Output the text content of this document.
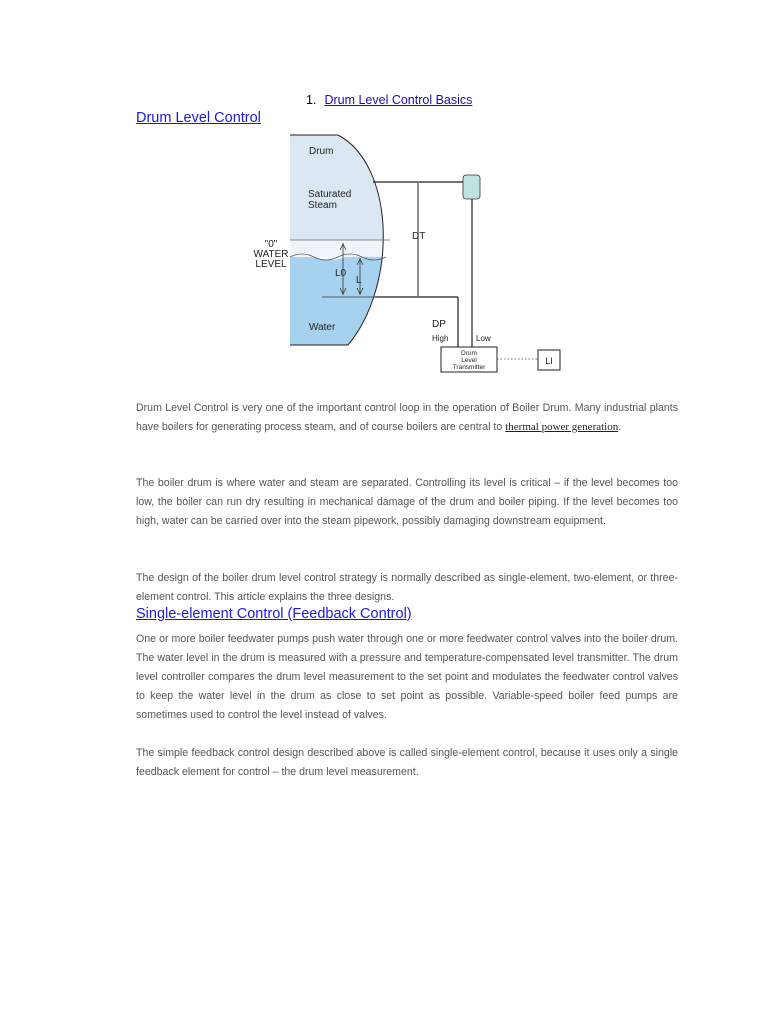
1. Drum Level Control Basics
Drum Level Control
Drum
Saturated
Steam
"0"
WATER
LEVEL
L0
L
Water
DT
DP
High	Low
Drum
Level
Transmitter
LI

Drum Level Control is very one of the important control loop in the operation of Boiler Drum. Many industrial plants have boilers for generating process steam, and of course boilers are central to thermal power generation.

The boiler drum is where water and steam are separated. Controlling its level is critical – if the level becomes too low, the boiler can run dry resulting in mechanical damage of the drum and boiler piping. If the level becomes too high, water can be carried over into the steam pipework, possibly damaging downstream equipment.

The design of the boiler drum level control strategy is normally described as single-element, two-element, or three-element control. This article explains the three designs.

Single-element Control (Feedback Control)

One or more boiler feedwater pumps push water through one or more feedwater control valves into the boiler drum. The water level in the drum is measured with a pressure and temperature-compensated level transmitter. The drum level controller compares the drum level measurement to the set point and modulates the feedwater control valves to keep the water level in the drum as close to set point as possible. Variable-speed boiler feed pumps are sometimes used to control the level instead of valves.

The simple feedback control design described above is called single-element control, because it uses only a single feedback element for control – the drum level measurement.
